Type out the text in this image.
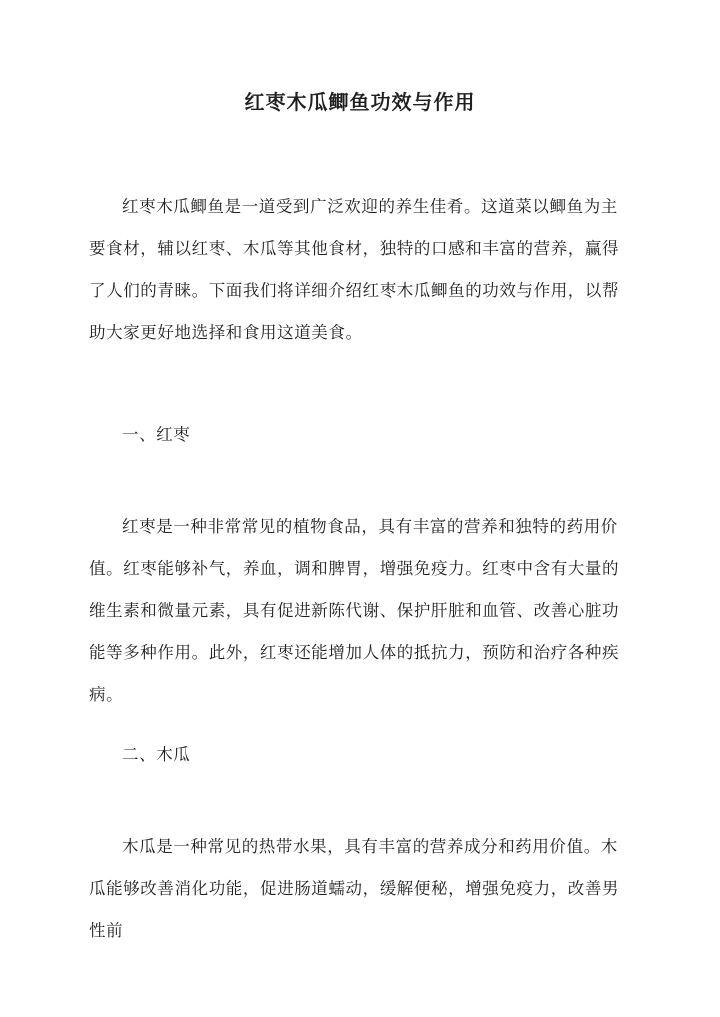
红枣木瓜鲫鱼功效与作用

红枣木瓜鲫鱼是一道受到广泛欢迎的养生佳肴。这道菜以鲫鱼为主要食材，辅以红枣、木瓜等其他食材，独特的口感和丰富的营养，赢得了人们的青睐。下面我们将详细介绍红枣木瓜鲫鱼的功效与作用，以帮助大家更好地选择和食用这道美食。

一、红枣

红枣是一种非常常见的植物食品，具有丰富的营养和独特的药用价值。红枣能够补气，养血，调和脾胃，增强免疫力。红枣中含有大量的维生素和微量元素，具有促进新陈代谢、保护肝脏和血管、改善心脏功能等多种作用。此外，红枣还能增加人体的抵抗力，预防和治疗各种疾病。

二、木瓜

木瓜是一种常见的热带水果，具有丰富的营养成分和药用价值。木瓜能够改善消化功能，促进肠道蠕动，缓解便秘，增强免疫力，改善男性前
